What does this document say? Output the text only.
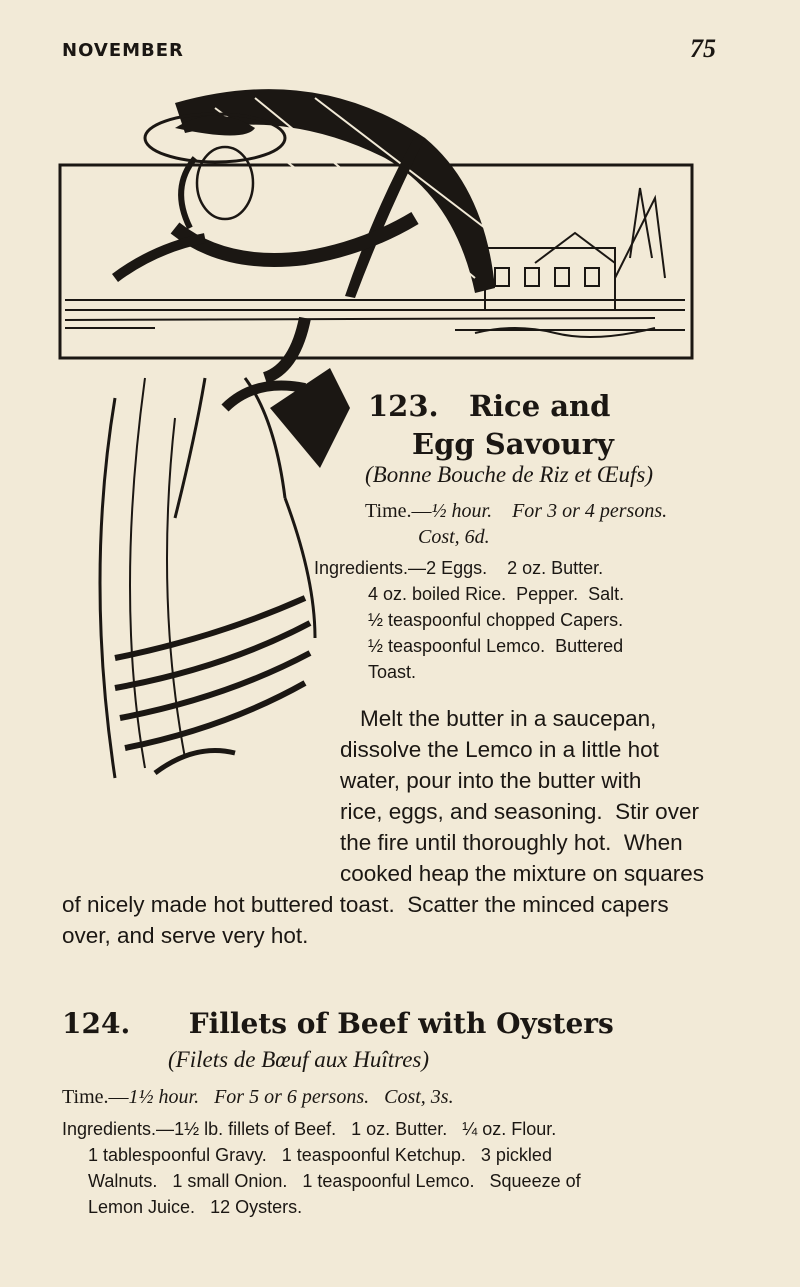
NOVEMBER	75
123. Rice and
Egg Savoury
(Bonne Bouche de Riz et Œufs)
Time.—½ hour. For 3 or 4 persons.
Cost, 6d.
Ingredients.—2 Eggs.    2 oz. Butter.
4 oz. boiled Rice.  Pepper.  Salt.
½ teaspoonful chopped Capers.
½ teaspoonful Lemco.  Buttered
Toast.
Melt the butter in a saucepan,
dissolve the Lemco in a little hot
water, pour into the butter with
rice, eggs, and seasoning.  Stir over
the fire until thoroughly hot.  When
cooked heap the mixture on squares
of nicely made hot buttered toast.  Scatter the minced capers
over, and serve very hot.
124. Fillets of Beef with Oysters
(Filets de Bœuf aux Huîtres)
Time.—1½ hour. For 5 or 6 persons. Cost, 3s.
Ingredients.—1½ lb. fillets of Beef.   1 oz. Butter.   ¼ oz. Flour.
1 tablespoonful Gravy.   1 teaspoonful Ketchup.   3 pickled
Walnuts.   1 small Onion.   1 teaspoonful Lemco.   Squeeze of
Lemon Juice.   12 Oysters.
